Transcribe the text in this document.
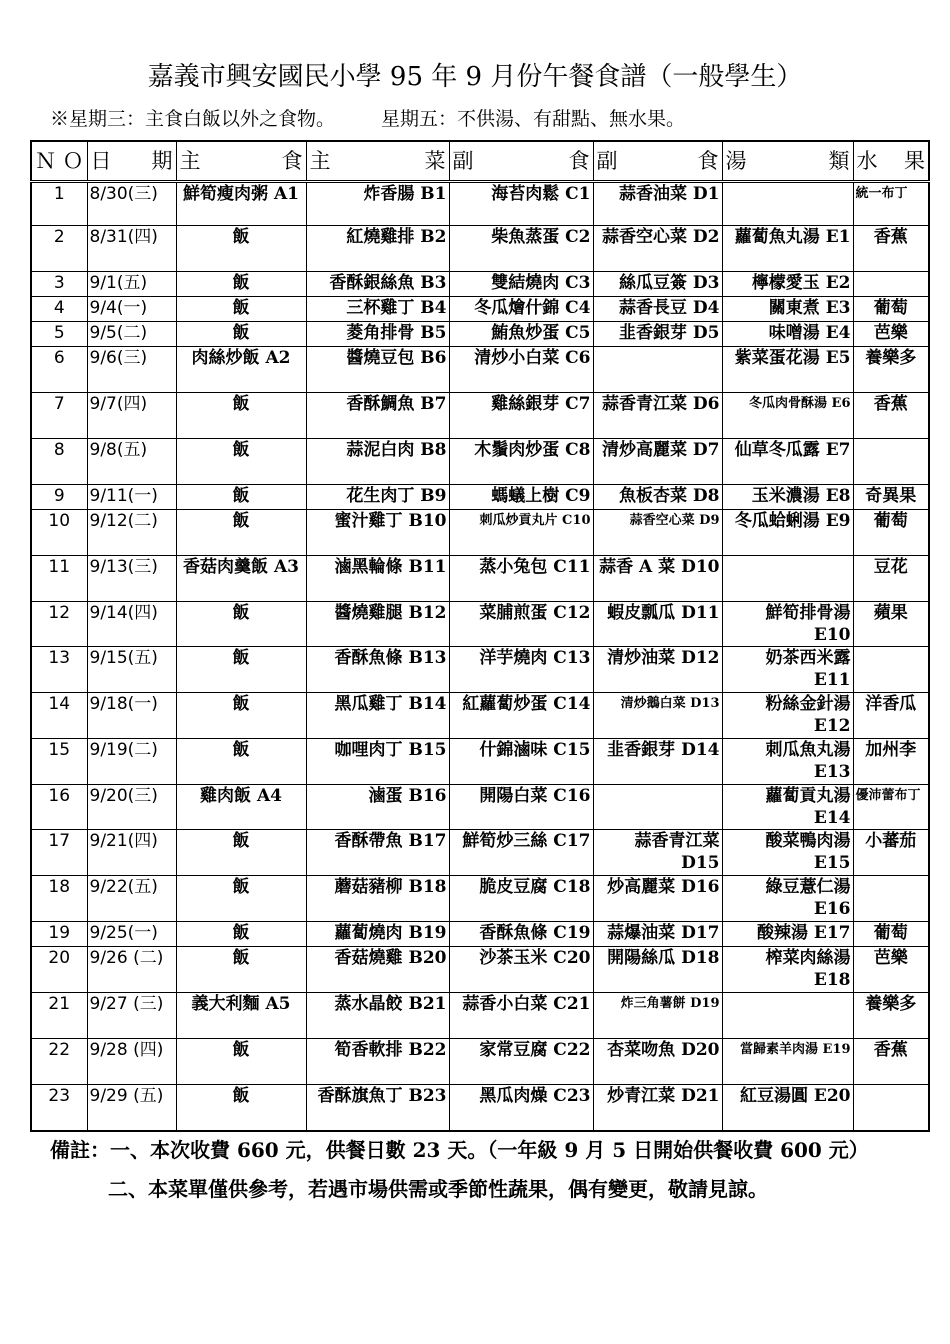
嘉義市興安國民小學 95 年 9 月份午餐食譜（一般學生）
※星期三：主食白飯以外之食物。 星期五：不供湯、有甜點、無水果。
ＮＯ	日期	主食	主菜	副食	副食	湯類	水果
1	8/30(三)	鮮筍瘦肉粥 A1	炸香腸 B1	海苔肉鬆 C1	蒜香油菜 D1		統一布丁
2	8/31(四)	飯	紅燒雞排 B2	柴魚蒸蛋 C2	蒜香空心菜 D2	蘿蔔魚丸湯 E1	香蕉
3	9/1(五)	飯	香酥銀絲魚 B3	雙結燒肉 C3	絲瓜豆簽 D3	檸檬愛玉 E2	
4	9/4(一)	飯	三杯雞丁 B4	冬瓜燴什錦 C4	蒜香長豆 D4	關東煮 E3	葡萄
5	9/5(二)	飯	菱角排骨 B5	鮪魚炒蛋 C5	韭香銀芽 D5	味噌湯 E4	芭樂
6	9/6(三)	肉絲炒飯 A2	醬燒豆包 B6	清炒小白菜 C6		紫菜蛋花湯 E5	養樂多
7	9/7(四)	飯	香酥鯛魚 B7	雞絲銀芽 C7	蒜香青江菜 D6	冬瓜肉骨酥湯 E6	香蕉
8	9/8(五)	飯	蒜泥白肉 B8	木鬚肉炒蛋 C8	清炒高麗菜 D7	仙草冬瓜露 E7	
9	9/11(一)	飯	花生肉丁 B9	螞蟻上樹 C9	魚板杏菜 D8	玉米濃湯 E8	奇異果
10	9/12(二)	飯	蜜汁雞丁 B10	刺瓜炒貢丸片 C10	蒜香空心菜 D9	冬瓜蛤蜊湯 E9	葡萄
11	9/13(三)	香菇肉羹飯 A3	滷黑輪條 B11	蒸小兔包 C11	蒜香 A 菜 D10		豆花
12	9/14(四)	飯	醬燒雞腿 B12	菜脯煎蛋 C12	蝦皮瓢瓜 D11	鮮筍排骨湯 E10	蘋果
13	9/15(五)	飯	香酥魚條 B13	洋芋燒肉 C13	清炒油菜 D12	奶茶西米露 E11	
14	9/18(一)	飯	黑瓜雞丁 B14	紅蘿蔔炒蛋 C14	清炒鵝白菜 D13	粉絲金針湯 E12	洋香瓜
15	9/19(二)	飯	咖哩肉丁 B15	什錦滷味 C15	韭香銀芽 D14	刺瓜魚丸湯 E13	加州李
16	9/20(三)	雞肉飯 A4	滷蛋 B16	開陽白菜 C16		蘿蔔貢丸湯 E14	優沛蕾布丁
17	9/21(四)	飯	香酥帶魚 B17	鮮筍炒三絲 C17	蒜香青江菜 D15	酸菜鴨肉湯 E15	小蕃茄
18	9/22(五)	飯	蘑菇豬柳 B18	脆皮豆腐 C18	炒高麗菜 D16	綠豆薏仁湯 E16	
19	9/25(一)	飯	蘿蔔燒肉 B19	香酥魚條 C19	蒜爆油菜 D17	酸辣湯 E17	葡萄
20	9/26 (二)	飯	香菇燒雞 B20	沙茶玉米 C20	開陽絲瓜 D18	榨菜肉絲湯 E18	芭樂
21	9/27 (三)	義大利麵 A5	蒸水晶餃 B21	蒜香小白菜 C21	炸三角薯餅 D19		養樂多
22	9/28 (四)	飯	筍香軟排 B22	家常豆腐 C22	杏菜吻魚 D20	當歸素羊肉湯 E19	香蕉
23	9/29 (五)	飯	香酥旗魚丁 B23	黑瓜肉燥 C23	炒青江菜 D21	紅豆湯圓 E20	
備註： 一、本次收費 660 元，供餐日數 23 天。（一年級 9 月 5 日開始供餐收費 600 元）
二、本菜單僅供參考，若遇市場供需或季節性蔬果，偶有變更，敬請見諒。
